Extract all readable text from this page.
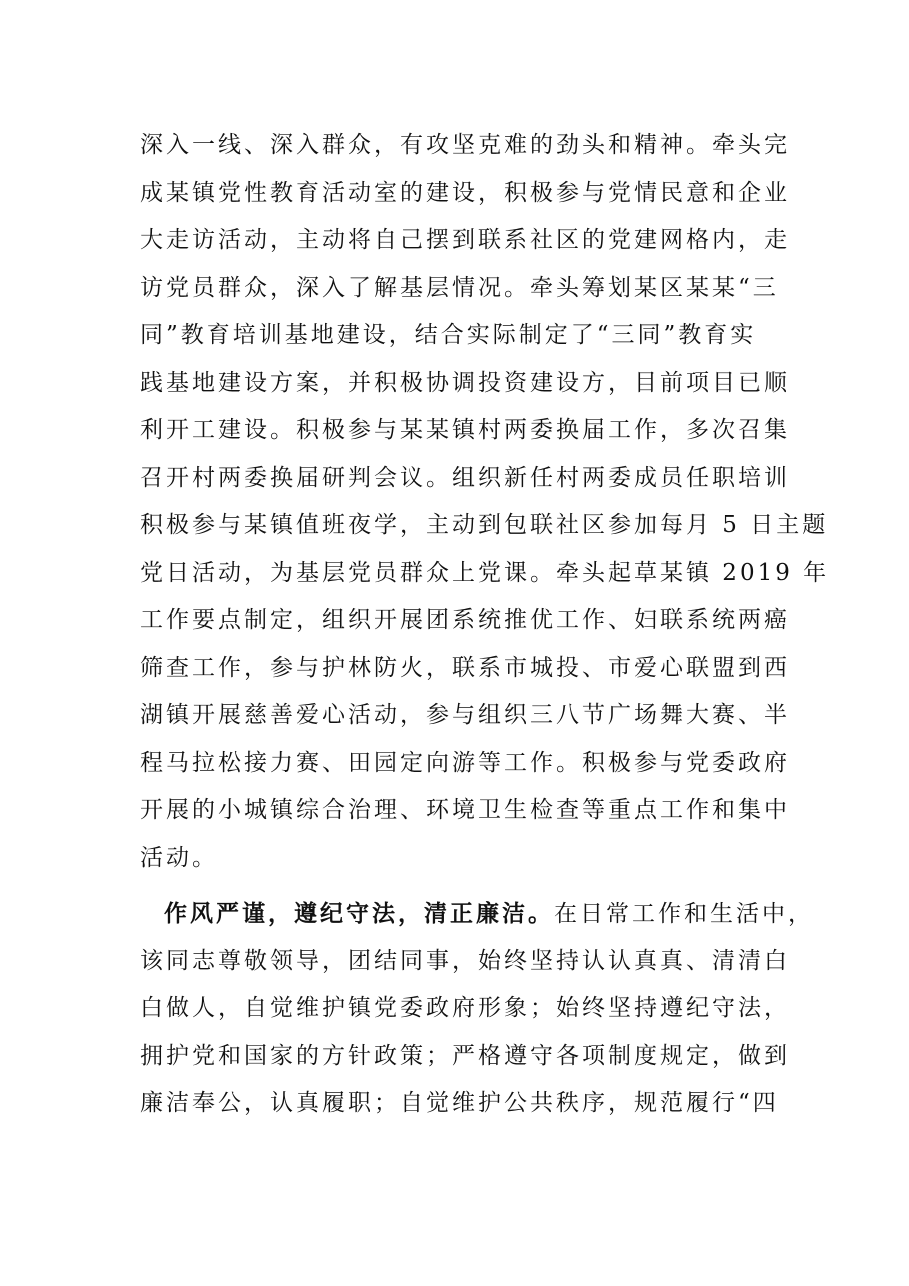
深入一线、深入群众，有攻坚克难的劲头和精神。牵头完
成某镇党性教育活动室的建设，积极参与党情民意和企业
大走访活动，主动将自己摆到联系社区的党建网格内，走
访党员群众，深入了解基层情况。牵头筹划某区某某“三
同”教育培训基地建设，结合实际制定了“三同”教育实
践基地建设方案，并积极协调投资建设方，目前项目已顺
利开工建设。积极参与某某镇村两委换届工作，多次召集
召开村两委换届研判会议。组织新任村两委成员任职培训
积极参与某镇值班夜学，主动到包联社区参加每月 5 日主题
党日活动，为基层党员群众上党课。牵头起草某镇 2019 年
工作要点制定，组织开展团系统推优工作、妇联系统两癌
筛查工作，参与护林防火，联系市城投、市爱心联盟到西
湖镇开展慈善爱心活动，参与组织三八节广场舞大赛、半
程马拉松接力赛、田园定向游等工作。积极参与党委政府
开展的小城镇综合治理、环境卫生检查等重点工作和集中
活动。
作风严谨，遵纪守法，清正廉洁。在日常工作和生活中，
该同志尊敬领导，团结同事，始终坚持认认真真、清清白
白做人，自觉维护镇党委政府形象；始终坚持遵纪守法，
拥护党和国家的方针政策；严格遵守各项制度规定，做到
廉洁奉公，认真履职；自觉维护公共秩序，规范履行“四
